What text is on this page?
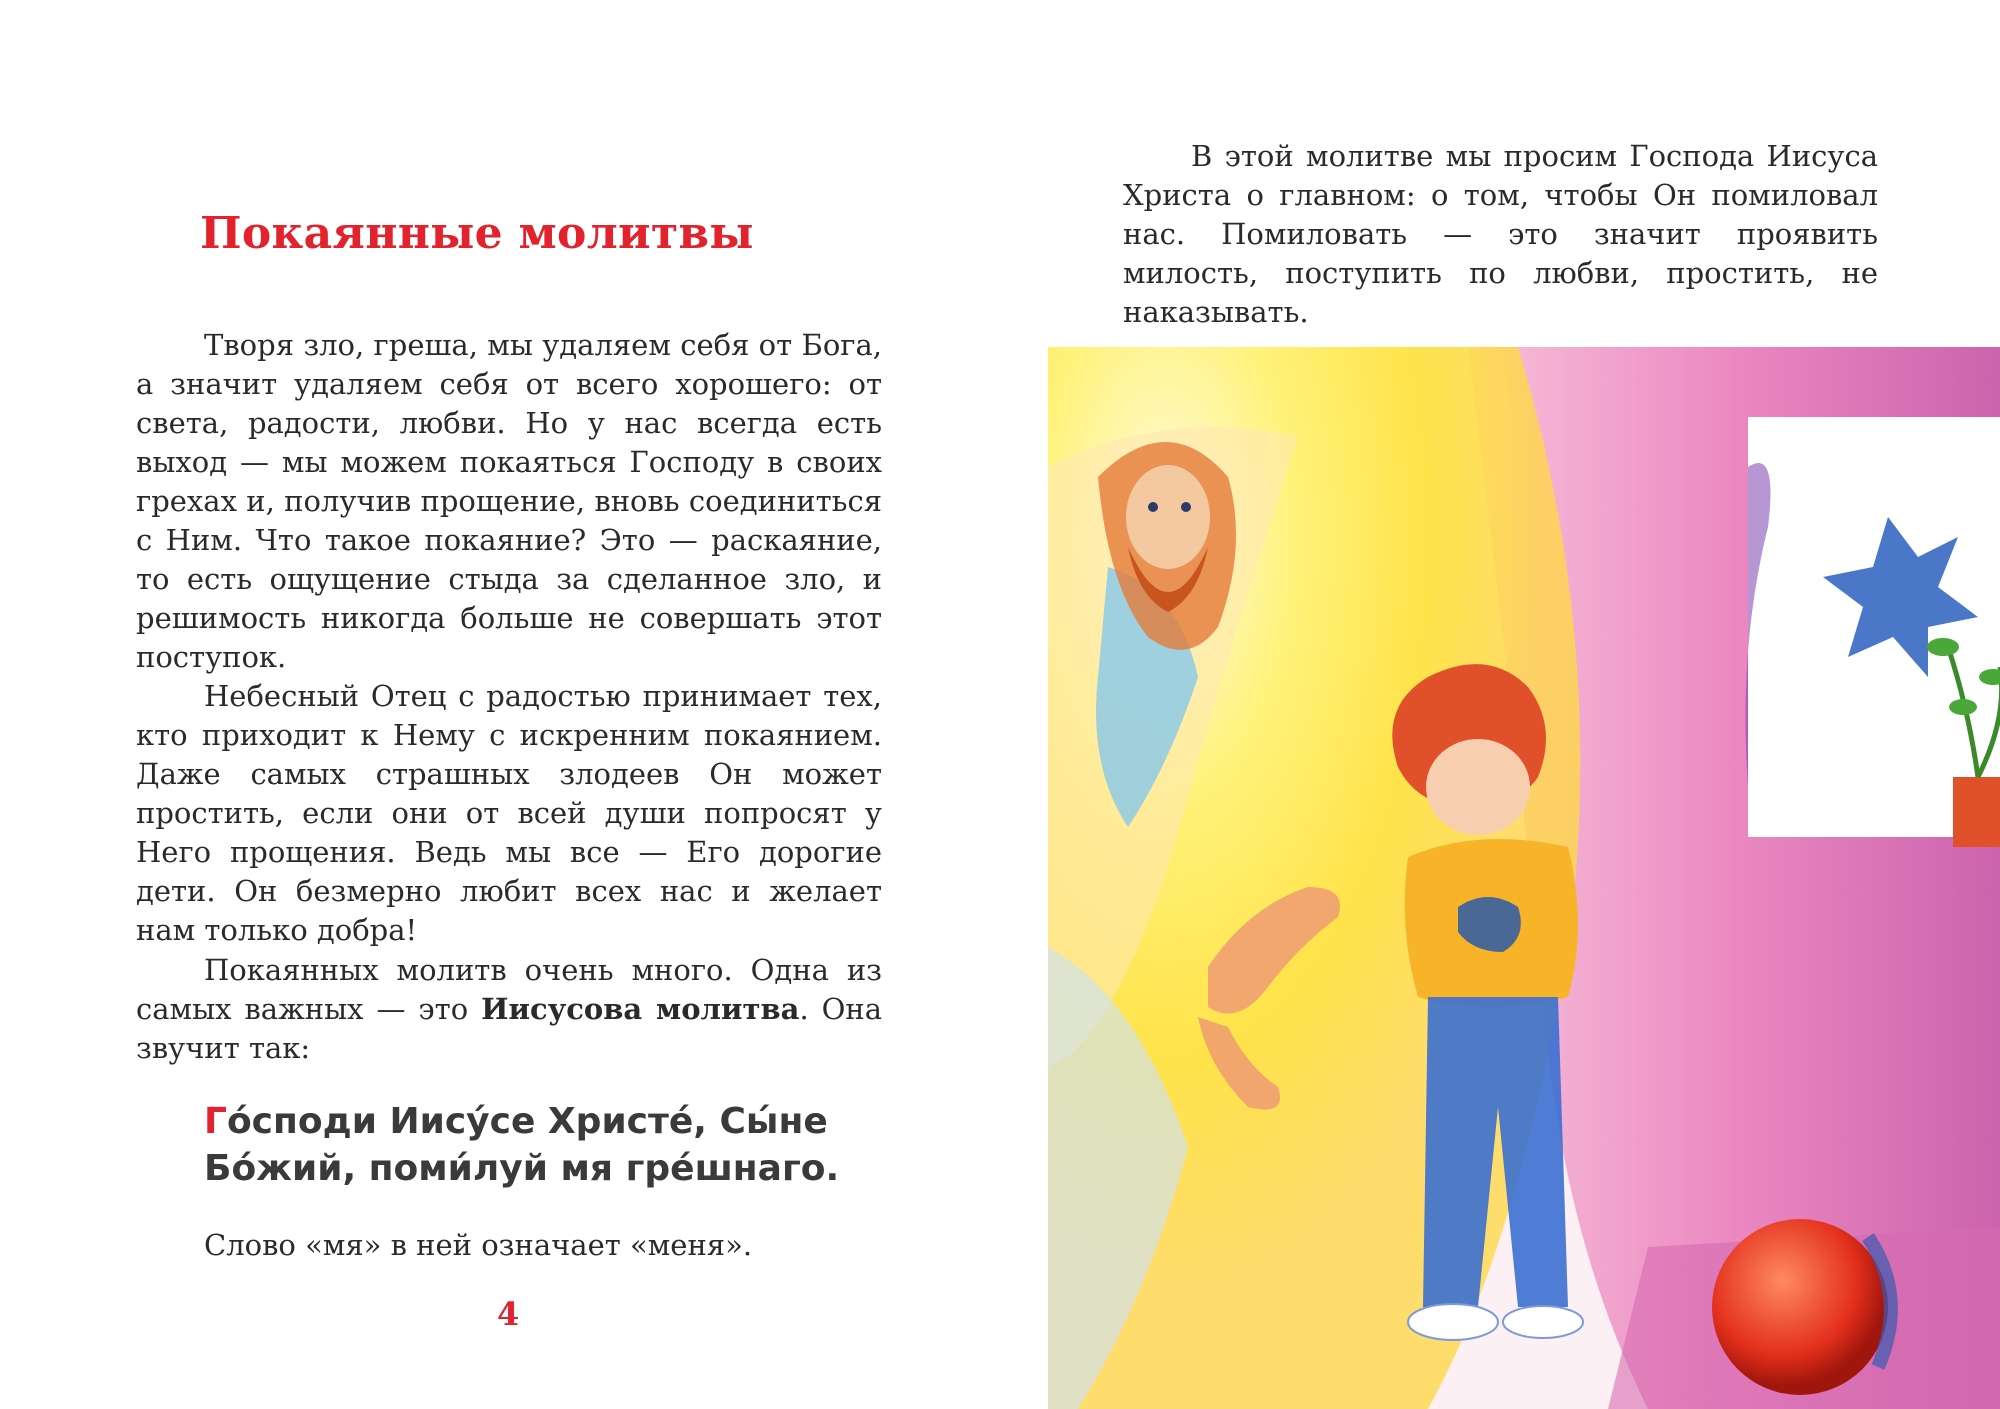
Покаянные молитвы

Творя зло, греша, мы удаляем себя от Бога, а значит удаляем себя от всего хорошего: от света, радости, любви. Но у нас всегда есть выход — мы можем покаяться Господу в своих грехах и, получив прощение, вновь соединиться с Ним. Что такое покаяние? Это — раскаяние, то есть ощущение стыда за сделанное зло, и решимость никогда больше не совершать этот поступок.

Небесный Отец с радостью принимает тех, кто приходит к Нему с искренним покаянием. Даже самых страшных злодеев Он может простить, если они от всей души попросят у Него прощения. Ведь мы все — Его дорогие дети. Он безмерно любит всех нас и желает нам только добра!

Покаянных молитв очень много. Одна из самых важных — это Иисусова молитва. Она звучит так:

Го́споди Иису́се Христе́, Сы́не Бо́жий, поми́луй мя гре́шнаго.

Слово «мя» в ней означает «меня».

4

В этой молитве мы просим Господа Иисуса Христа о главном: о том, чтобы Он помиловал нас. Помиловать — это значит проявить милость, поступить по любви, простить, не наказывать.
